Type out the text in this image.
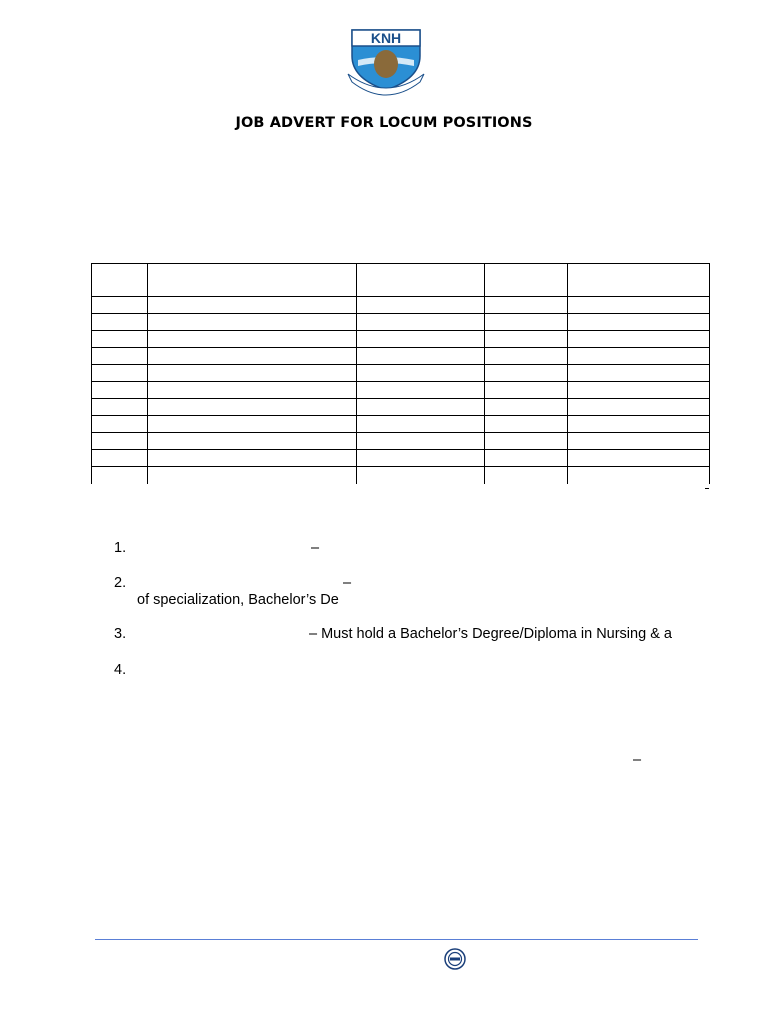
KNH
JOB ADVERT FOR LOCUM POSITIONS

1.	–
2.	–
of specialization, Bachelor’s De
3.	– Must hold a Bachelor’s Degree/Diploma in Nursing & a
4.
–
